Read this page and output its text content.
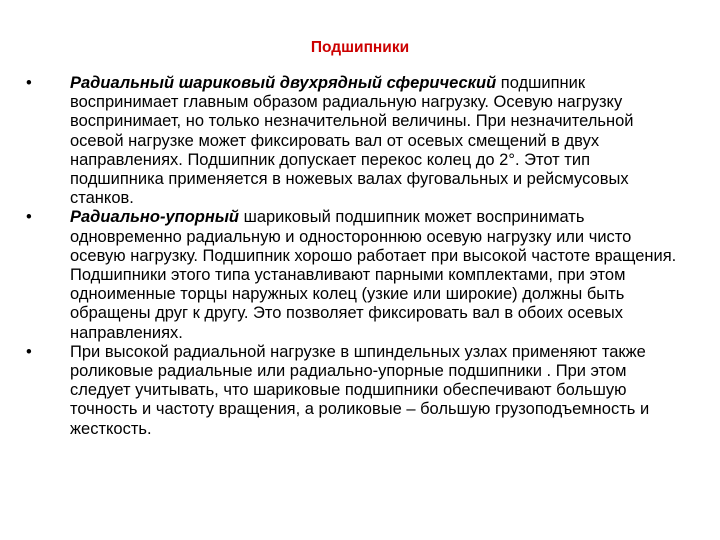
Подшипники
•	Радиальный шариковый двухрядный сферический подшипник воспринимает главным образом радиальную нагрузку. Осевую нагрузку воспринимает, но только незначительной величины. При незначительной осевой нагрузке может фиксировать вал от осевых смещений в двух направлениях. Подшипник допускает перекос колец до 2°. Этот тип подшипника применяется в ножевых валах фуговальных и рейсмусовых станков.
•	Радиально-упорный шариковый подшипник может воспринимать одновременно радиальную и одностороннюю осевую нагрузку или чисто осевую нагрузку. Подшипник хорошо работает при высокой частоте вращения. Подшипники этого типа устанавливают парными комплектами, при этом одноименные торцы наружных колец (узкие или широкие) должны быть обращены друг к другу. Это позволяет фиксировать вал в обоих осевых направлениях.
•	При высокой радиальной нагрузке в шпиндельных узлах применяют также роликовые радиальные или радиально-упорные подшипники . При этом следует учитывать, что шариковые подшипники обеспечивают большую точность и частоту вращения, а роликовые – большую грузоподъемность и жесткость.
